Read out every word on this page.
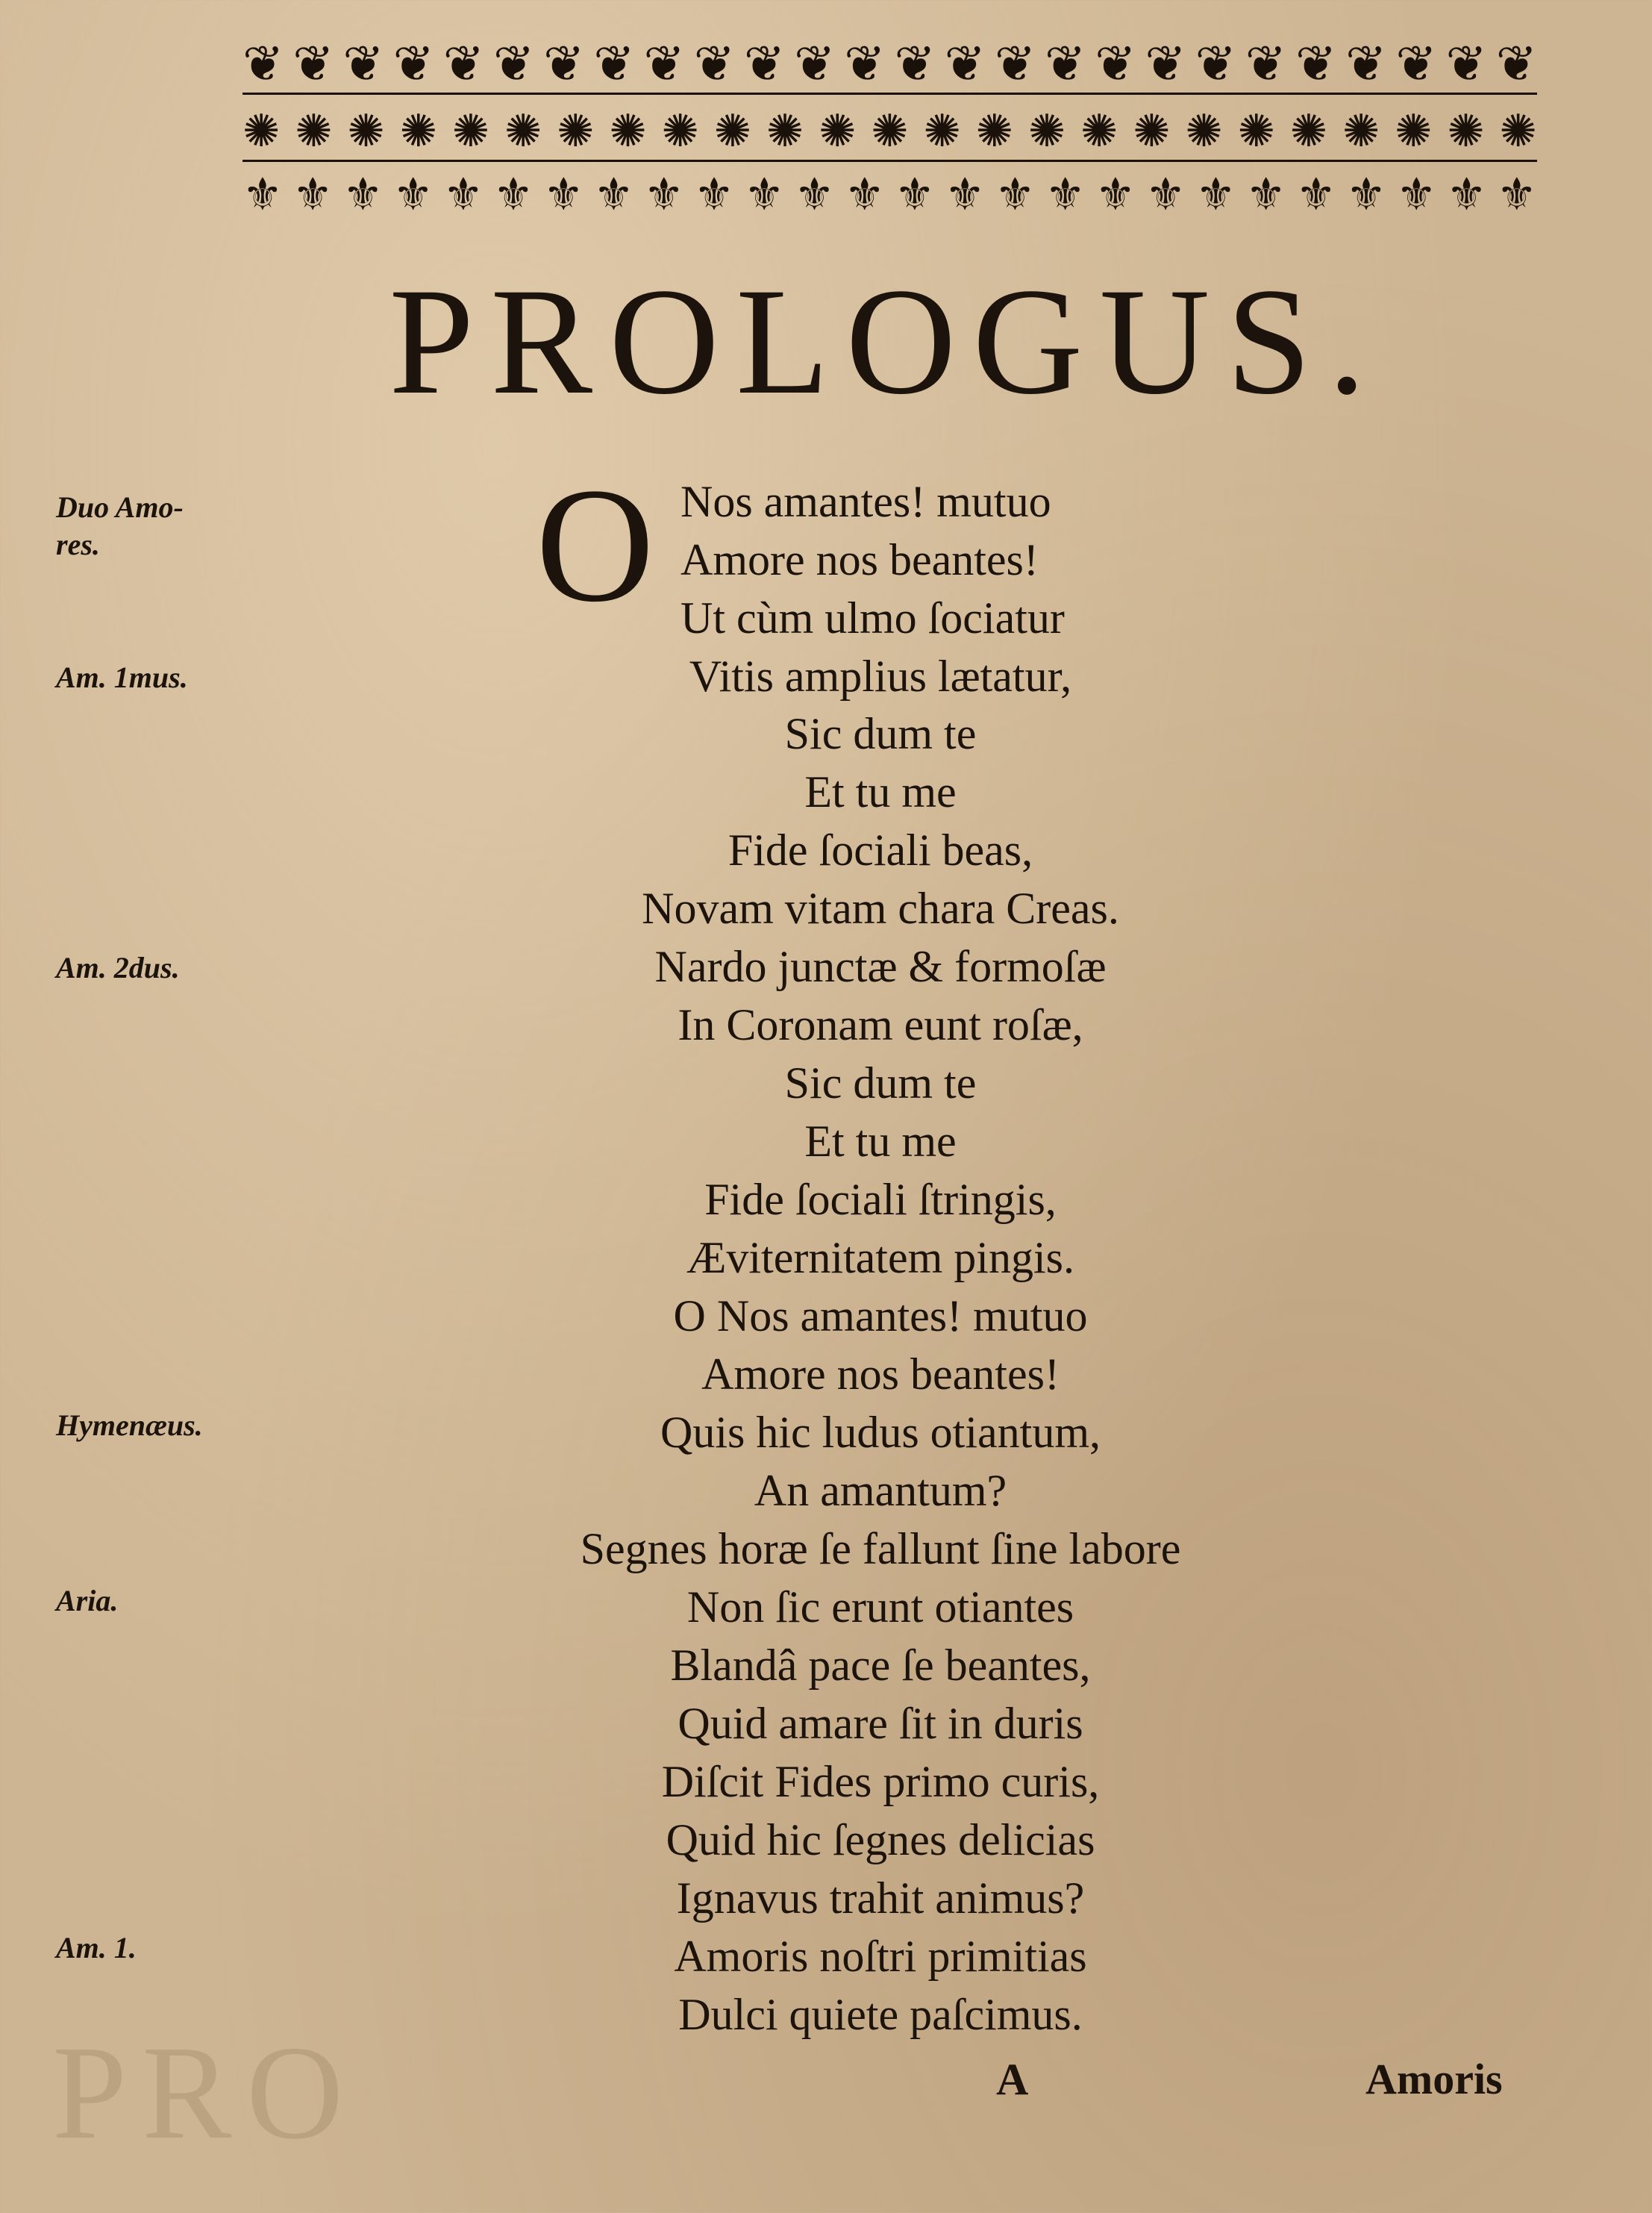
❦ ❦ ❦ ❦ ❦ ❦ ❦ ❦ ❦ ❦ ❦ ❦ ❦ ❦ ❦ ❦ ❦ ❦ ❦ ❦ ❦ ❦ ❦ ❦ ❦ ❦
✺ ✺ ✺ ✺ ✺ ✺ ✺ ✺ ✺ ✺ ✺ ✺ ✺ ✺ ✺ ✺ ✺ ✺ ✺ ✺ ✺ ✺ ✺ ✺ ✺
⚜ ⚜ ⚜ ⚜ ⚜ ⚜ ⚜ ⚜ ⚜ ⚜ ⚜ ⚜ ⚜ ⚜ ⚜ ⚜ ⚜ ⚜ ⚜ ⚜ ⚜ ⚜ ⚜ ⚜ ⚜ ⚜
PRO
PROLOGUS.
O Nos amantes! mutuo
Amore nos beantes!
Ut cùm ulmo ſociatur
Vitis amplius lætatur,
Sic dum te
Et tu me
Fide ſociali beas,
Novam vitam chara Creas.
Nardo junctæ & formoſæ
In Coronam eunt roſæ,
Sic dum te
Et tu me
Fide ſociali ſtringis,
Æviternitatem pingis.
O Nos amantes! mutuo
Amore nos beantes!
Quis hic ludus otiantum,
An amantum?
Segnes horæ ſe fallunt ſine labore
Non ſic erunt otiantes
Blandâ pace ſe beantes,
Quid amare ſit in duris
Diſcit Fides primo curis,
Quid hic ſegnes delicias
Ignavus trahit animus?
Amoris noſtri primitias
Dulci quiete paſcimus.
Duo Amo-
res.
Am. 1mus.
Am. 2dus.
Hymenæus.
Aria.
Am. 1.
A	Amoris
